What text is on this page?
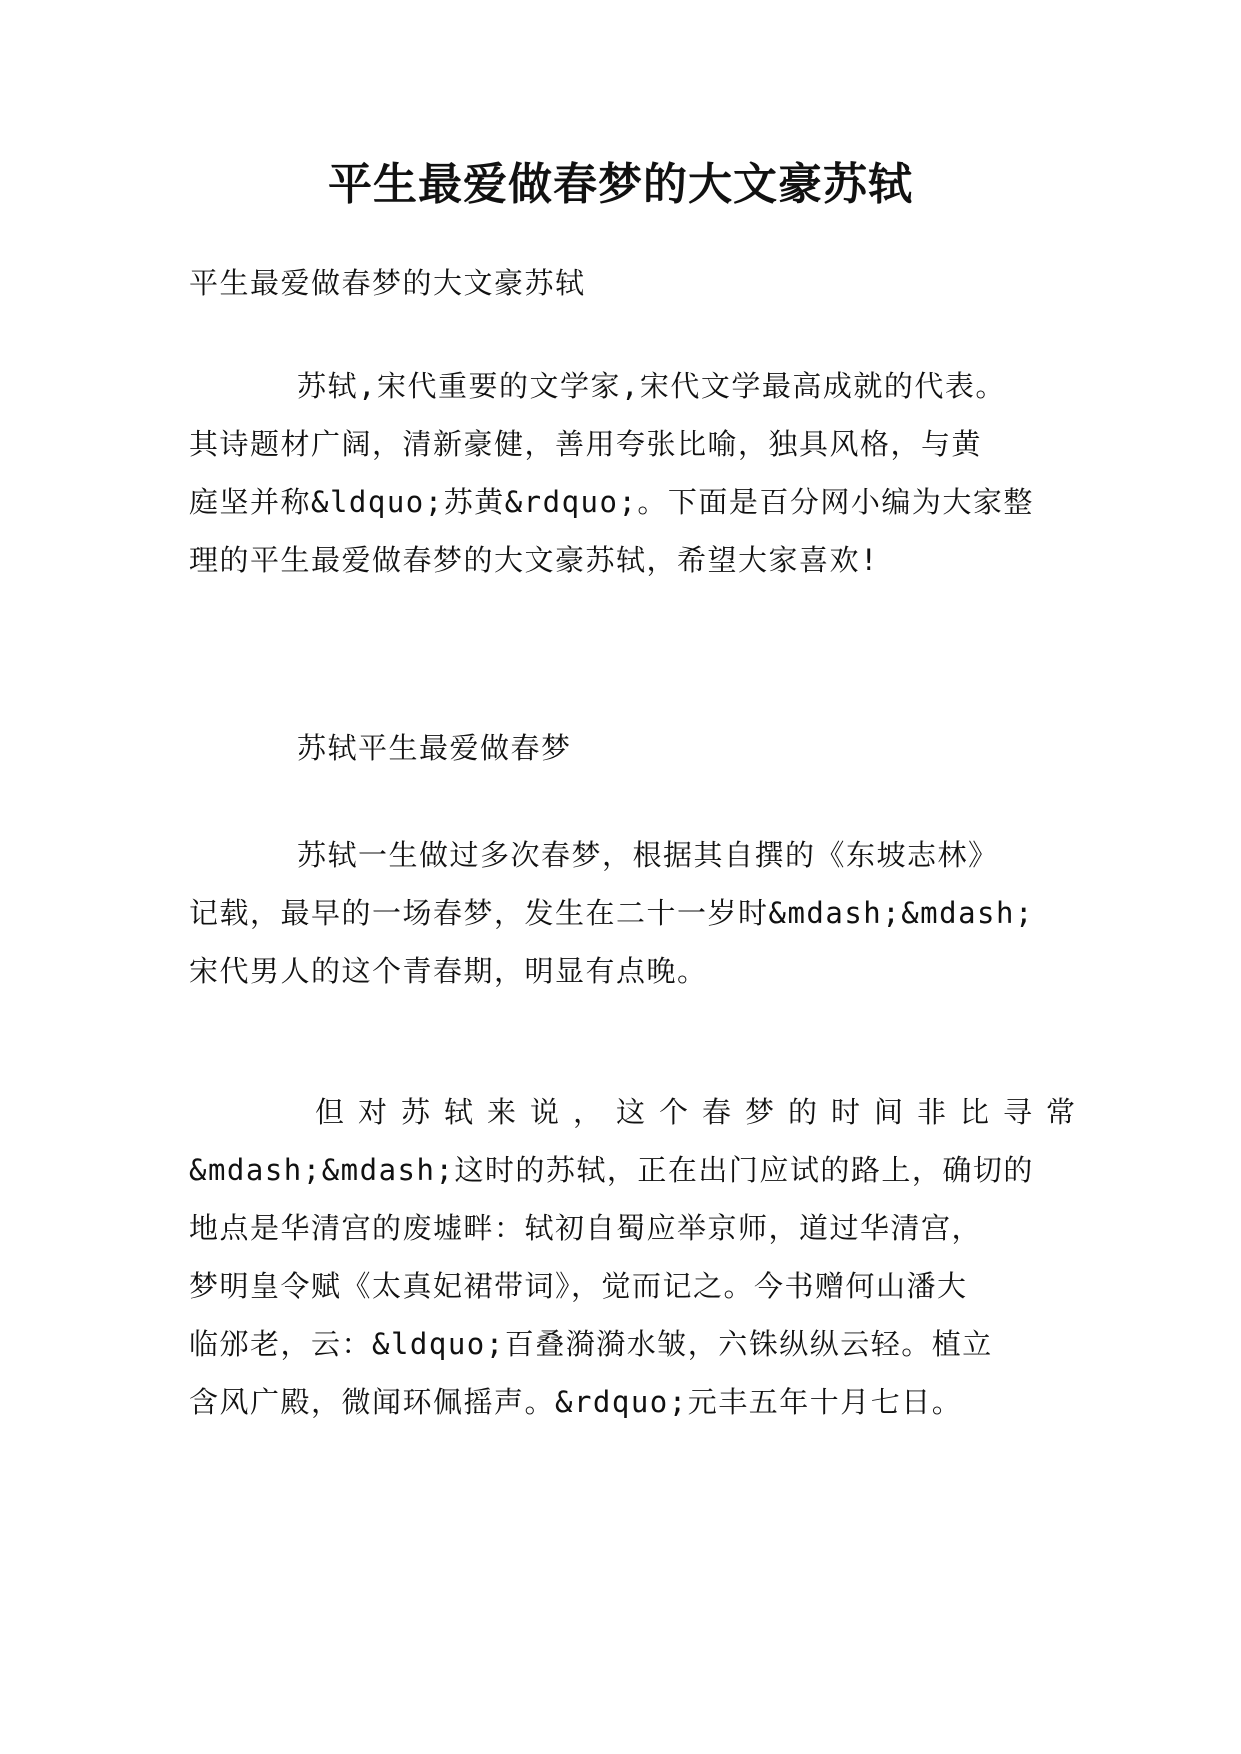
平生最爱做春梦的大文豪苏轼
平生最爱做春梦的大文豪苏轼
苏轼,宋代重要的文学家,宋代文学最高成就的代表。
其诗题材广阔，清新豪健，善用夸张比喻，独具风格，与黄
庭坚并称&ldquo;苏黄&rdquo;。下面是百分网小编为大家整
理的平生最爱做春梦的大文豪苏轼，希望大家喜欢!
苏轼平生最爱做春梦
苏轼一生做过多次春梦，根据其自撰的《东坡志林》
记载，最早的一场春梦，发生在二十一岁时&mdash;&mdash;
宋代男人的这个青春期，明显有点晚。
但对苏轼来说，这个春梦的时间非比寻常
&mdash;&mdash;这时的苏轼，正在出门应试的路上，确切的
地点是华清宫的废墟畔：轼初自蜀应举京师，道过华清宫，
梦明皇令赋《太真妃裙带词》，觉而记之。今书赠何山潘大
临邠老，云：&ldquo;百叠漪漪水皱，六铢纵纵云轻。植立
含风广殿，微闻环佩摇声。&rdquo;元丰五年十月七日。
